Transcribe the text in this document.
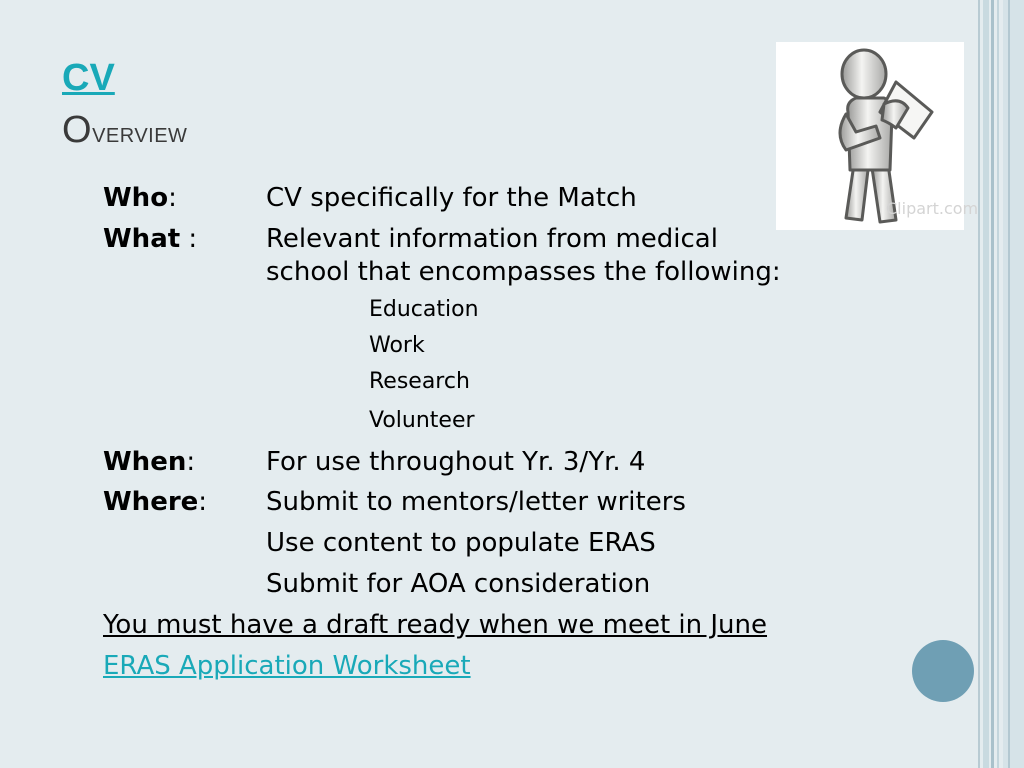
CV
Overview
Who:	CV specifically for the Match
What :	Relevant information from medical
school that encompasses the following:
Education
Work
Research
Volunteer
When:	For use throughout Yr. 3/Yr. 4
Where: Submit to mentors/letter writers
Use content to populate ERAS
Submit for AOA consideration
You must have a draft ready when we meet in June
ERAS Application Worksheet
Clipart.com
